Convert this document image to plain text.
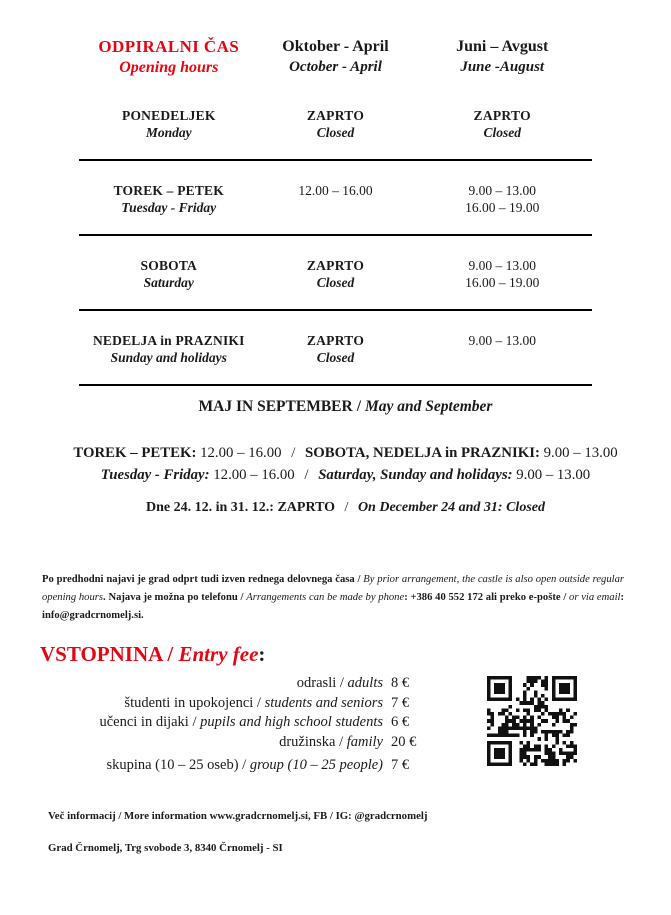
ODPIRALNI ČAS
Opening hours
Oktober - April
October - April
Juni – Avgust
June -August
PONEDELJEK
Monday
ZAPRTO
Closed
ZAPRTO
Closed
TOREK – PETEK
Tuesday - Friday
12.00 – 16.00	9.00 – 13.00
16.00 – 19.00
SOBOTA
Saturday
ZAPRTO
Closed
9.00 – 13.00
16.00 – 19.00
NEDELJA in PRAZNIKI
Sunday and holidays
ZAPRTO
Closed
9.00 – 13.00
MAJ IN SEPTEMBER / May and September
TOREK – PETEK: 12.00 – 16.00 / SOBOTA, NEDELJA in PRAZNIKI: 9.00 – 13.00
Tuesday - Friday: 12.00 – 16.00 / Saturday, Sunday and holidays: 9.00 – 13.00
Dne 24. 12. in 31. 12.: ZAPRTO / On December 24 and 31: Closed

Po predhodni najavi je grad odprt tudi izven rednega delovnega časa / By prior arrangement, the castle is also open outside regular opening hours. Najava je možna po telefonu / Arrangements can be made by phone: +386 40 552 172 ali preko e-pošte / or via email: info@gradcrnomelj.si.

VSTOPNINA / Entry fee:
odrasli / adults 8 €
študenti in upokojenci / students and seniors 7 €
učenci in dijaki / pupils and high school students 6 €
družinska / family 20 €
skupina (10 – 25 oseb) / group (10 – 25 people) 7 €
Več informacij / More information www.gradcrnomelj.si, FB / IG: @gradcrnomelj
Grad Črnomelj, Trg svobode 3, 8340 Črnomelj - SI
